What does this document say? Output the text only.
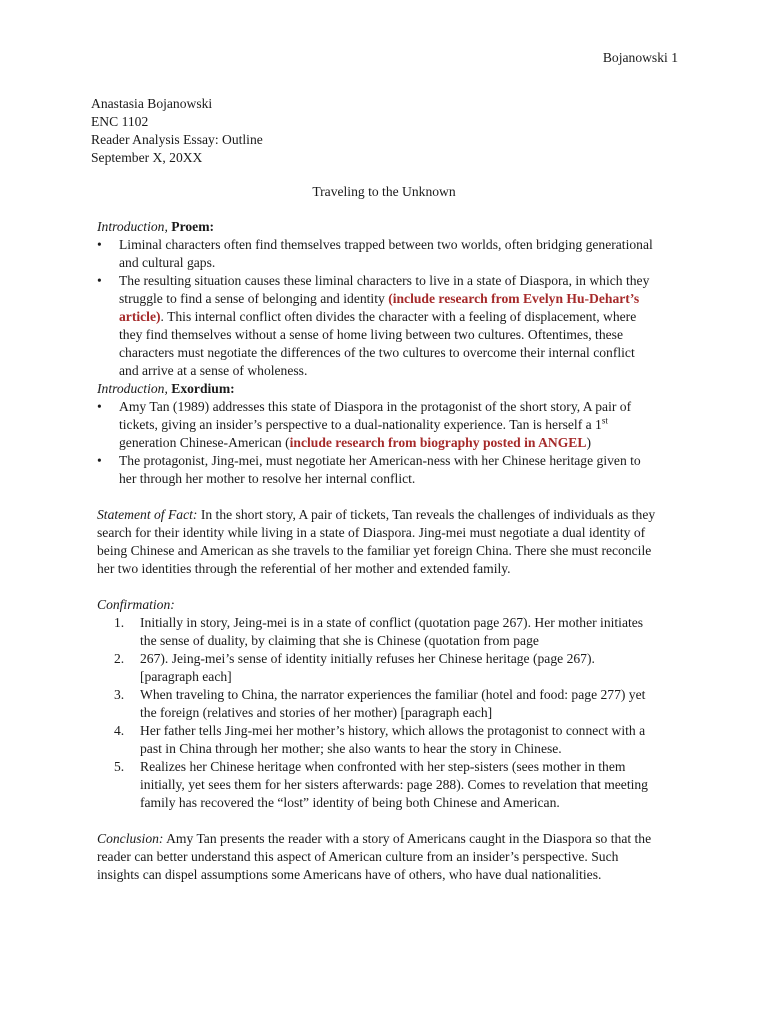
Bojanowski 1
Anastasia Bojanowski
ENC 1102
Reader Analysis Essay: Outline
September X, 20XX
Traveling to the Unknown
Introduction, Proem:
• Liminal characters often find themselves trapped between two worlds, often bridging generational and cultural gaps.
• The resulting situation causes these liminal characters to live in a state of Diaspora, in which they struggle to find a sense of belonging and identity (include research from Evelyn Hu-Dehart’s article). This internal conflict often divides the character with a feeling of displacement, where they find themselves without a sense of home living between two cultures. Oftentimes, these characters must negotiate the differences of the two cultures to overcome their internal conflict and arrive at a sense of wholeness.
Introduction, Exordium:
• Amy Tan (1989) addresses this state of Diaspora in the protagonist of the short story, A pair of tickets, giving an insider’s perspective to a dual-nationality experience. Tan is herself a 1st generation Chinese-American (include research from biography posted in ANGEL)
• The protagonist, Jing-mei, must negotiate her American-ness with her Chinese heritage given to her through her mother to resolve her internal conflict.

Statement of Fact: In the short story, A pair of tickets, Tan reveals the challenges of individuals as they search for their identity while living in a state of Diaspora. Jing-mei must negotiate a dual identity of being Chinese and American as she travels to the familiar yet foreign China. There she must reconcile her two identities through the referential of her mother and extended family.

Confirmation:
1. Initially in story, Jeing-mei is in a state of conflict (quotation page 267). Her mother initiates the sense of duality, by claiming that she is Chinese (quotation from page
2. 267). Jeing-mei’s sense of identity initially refuses her Chinese heritage (page 267). [paragraph each]
3. When traveling to China, the narrator experiences the familiar (hotel and food: page 277) yet the foreign (relatives and stories of her mother) [paragraph each]
4. Her father tells Jing-mei her mother’s history, which allows the protagonist to connect with a past in China through her mother; she also wants to hear the story in Chinese.
5. Realizes her Chinese heritage when confronted with her step-sisters (sees mother in them initially, yet sees them for her sisters afterwards: page 288). Comes to revelation that meeting family has recovered the “lost” identity of being both Chinese and American.

Conclusion: Amy Tan presents the reader with a story of Americans caught in the Diaspora so that the reader can better understand this aspect of American culture from an insider’s perspective. Such insights can dispel assumptions some Americans have of others, who have dual nationalities.
